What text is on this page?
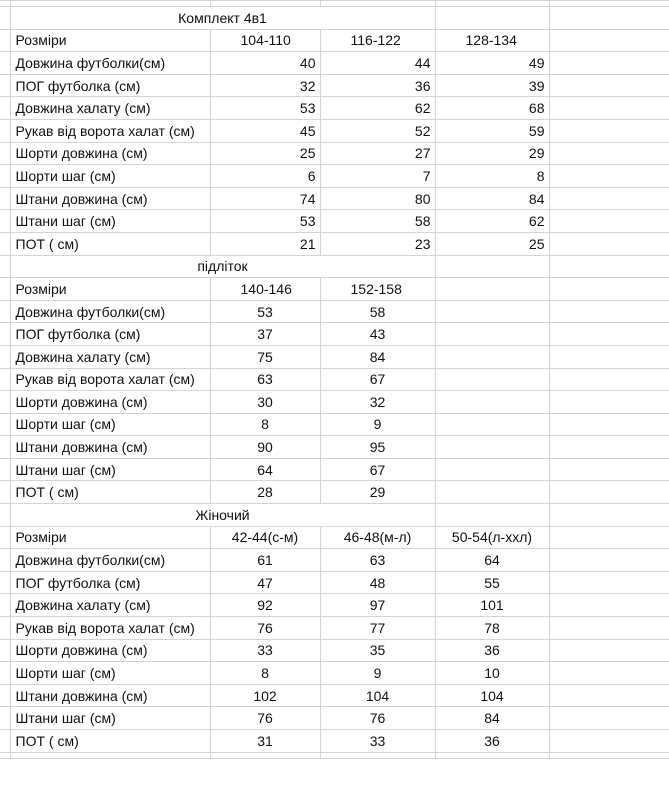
	Комплект 4в1				
	Розміри	104-110	116-122	128-134	
	Довжина футболки(см)	40	44	49	
	ПОГ футболка (см)	32	36	39	
	Довжина халату (см)	53	62	68	
	Рукав від ворота халат (см)	45	52	59	
	Шорти довжина (см)	25	27	29	
	Шорти шаг (см)	6	7	8	
	Штани довжина (см)	74	80	84	
	Штани шаг (см)	53	58	62	
	ПОТ ( см)	21	23	25	
	підліток				
	Розміри	140-146	152-158		
	Довжина футболки(см)	53	58		
	ПОГ футболка (см)	37	43		
	Довжина халату (см)	75	84		
	Рукав від ворота халат (см)	63	67		
	Шорти довжина (см)	30	32		
	Шорти шаг (см)	8	9		
	Штани довжина (см)	90	95		
	Штани шаг (см)	64	67		
	ПОТ ( см)	28	29		
	Жіночий				
	Розміри	42-44(с-м)	46-48(м-л)	50-54(л-ххл)	
	Довжина футболки(см)	61	63	64	
	ПОГ футболка (см)	47	48	55	
	Довжина халату (см)	92	97	101	
	Рукав від ворота халат (см)	76	77	78	
	Шорти довжина (см)	33	35	36	
	Шорти шаг (см)	8	9	10	
	Штани довжина (см)	102	104	104	
	Штани шаг (см)	76	76	84	
	ПОТ ( см)	31	33	36	
